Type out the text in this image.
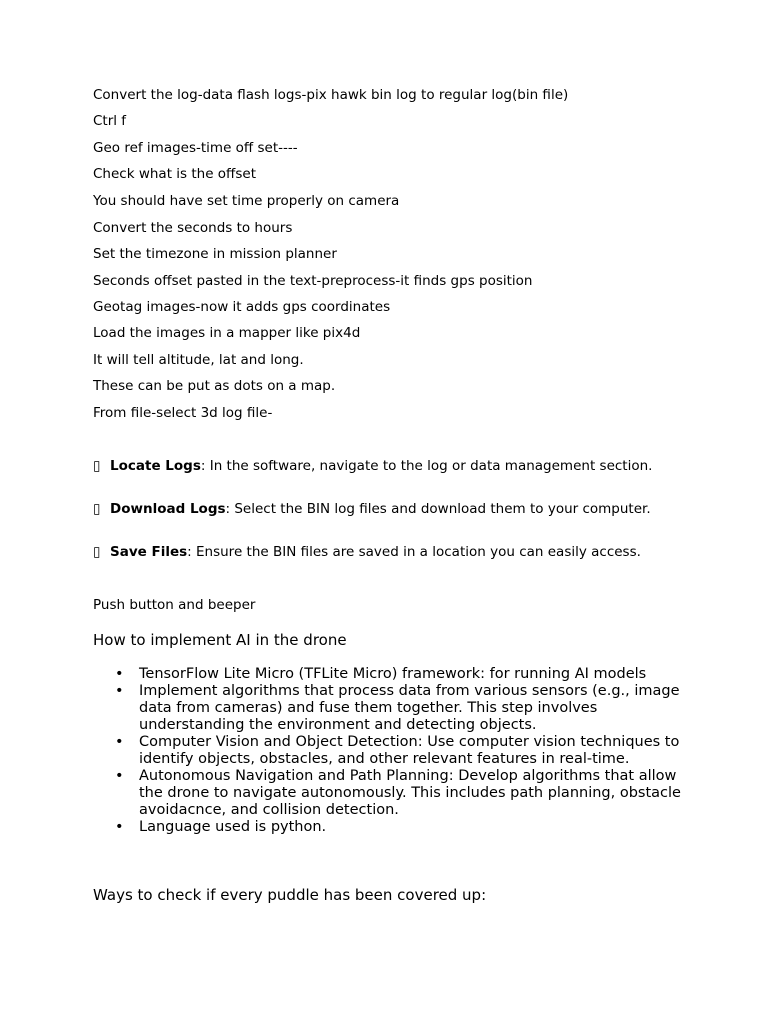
Convert the log-data flash logs-pix hawk bin log to regular log(bin file)
Ctrl f
Geo ref images-time off set----
Check what is the offset
You should have set time properly on camera
Convert the seconds to hours
Set the timezone in mission planner
Seconds offset pasted in the text-preprocess-it finds gps position
Geotag images-now it adds gps coordinates
Load the images in a mapper like pix4d
It will tell altitude, lat and long.
These can be put as dots on a map.
From file-select 3d log file-
▯ Locate Logs: In the software, navigate to the log or data management section.
▯ Download Logs: Select the BIN log files and download them to your computer.
▯ Save Files: Ensure the BIN files are saved in a location you can easily access.
Push button and beeper
How to implement AI in the drone
• TensorFlow Lite Micro (TFLite Micro) framework: for running AI models
• Implement algorithms that process data from various sensors (e.g., image data from cameras) and fuse them together. This step involves understanding the environment and detecting objects.
• Computer Vision and Object Detection: Use computer vision techniques to identify objects, obstacles, and other relevant features in real-time.
• Autonomous Navigation and Path Planning: Develop algorithms that allow the drone to navigate autonomously. This includes path planning, obstacle avoidacnce, and collision detection.
• Language used is python.
Ways to check if every puddle has been covered up:
